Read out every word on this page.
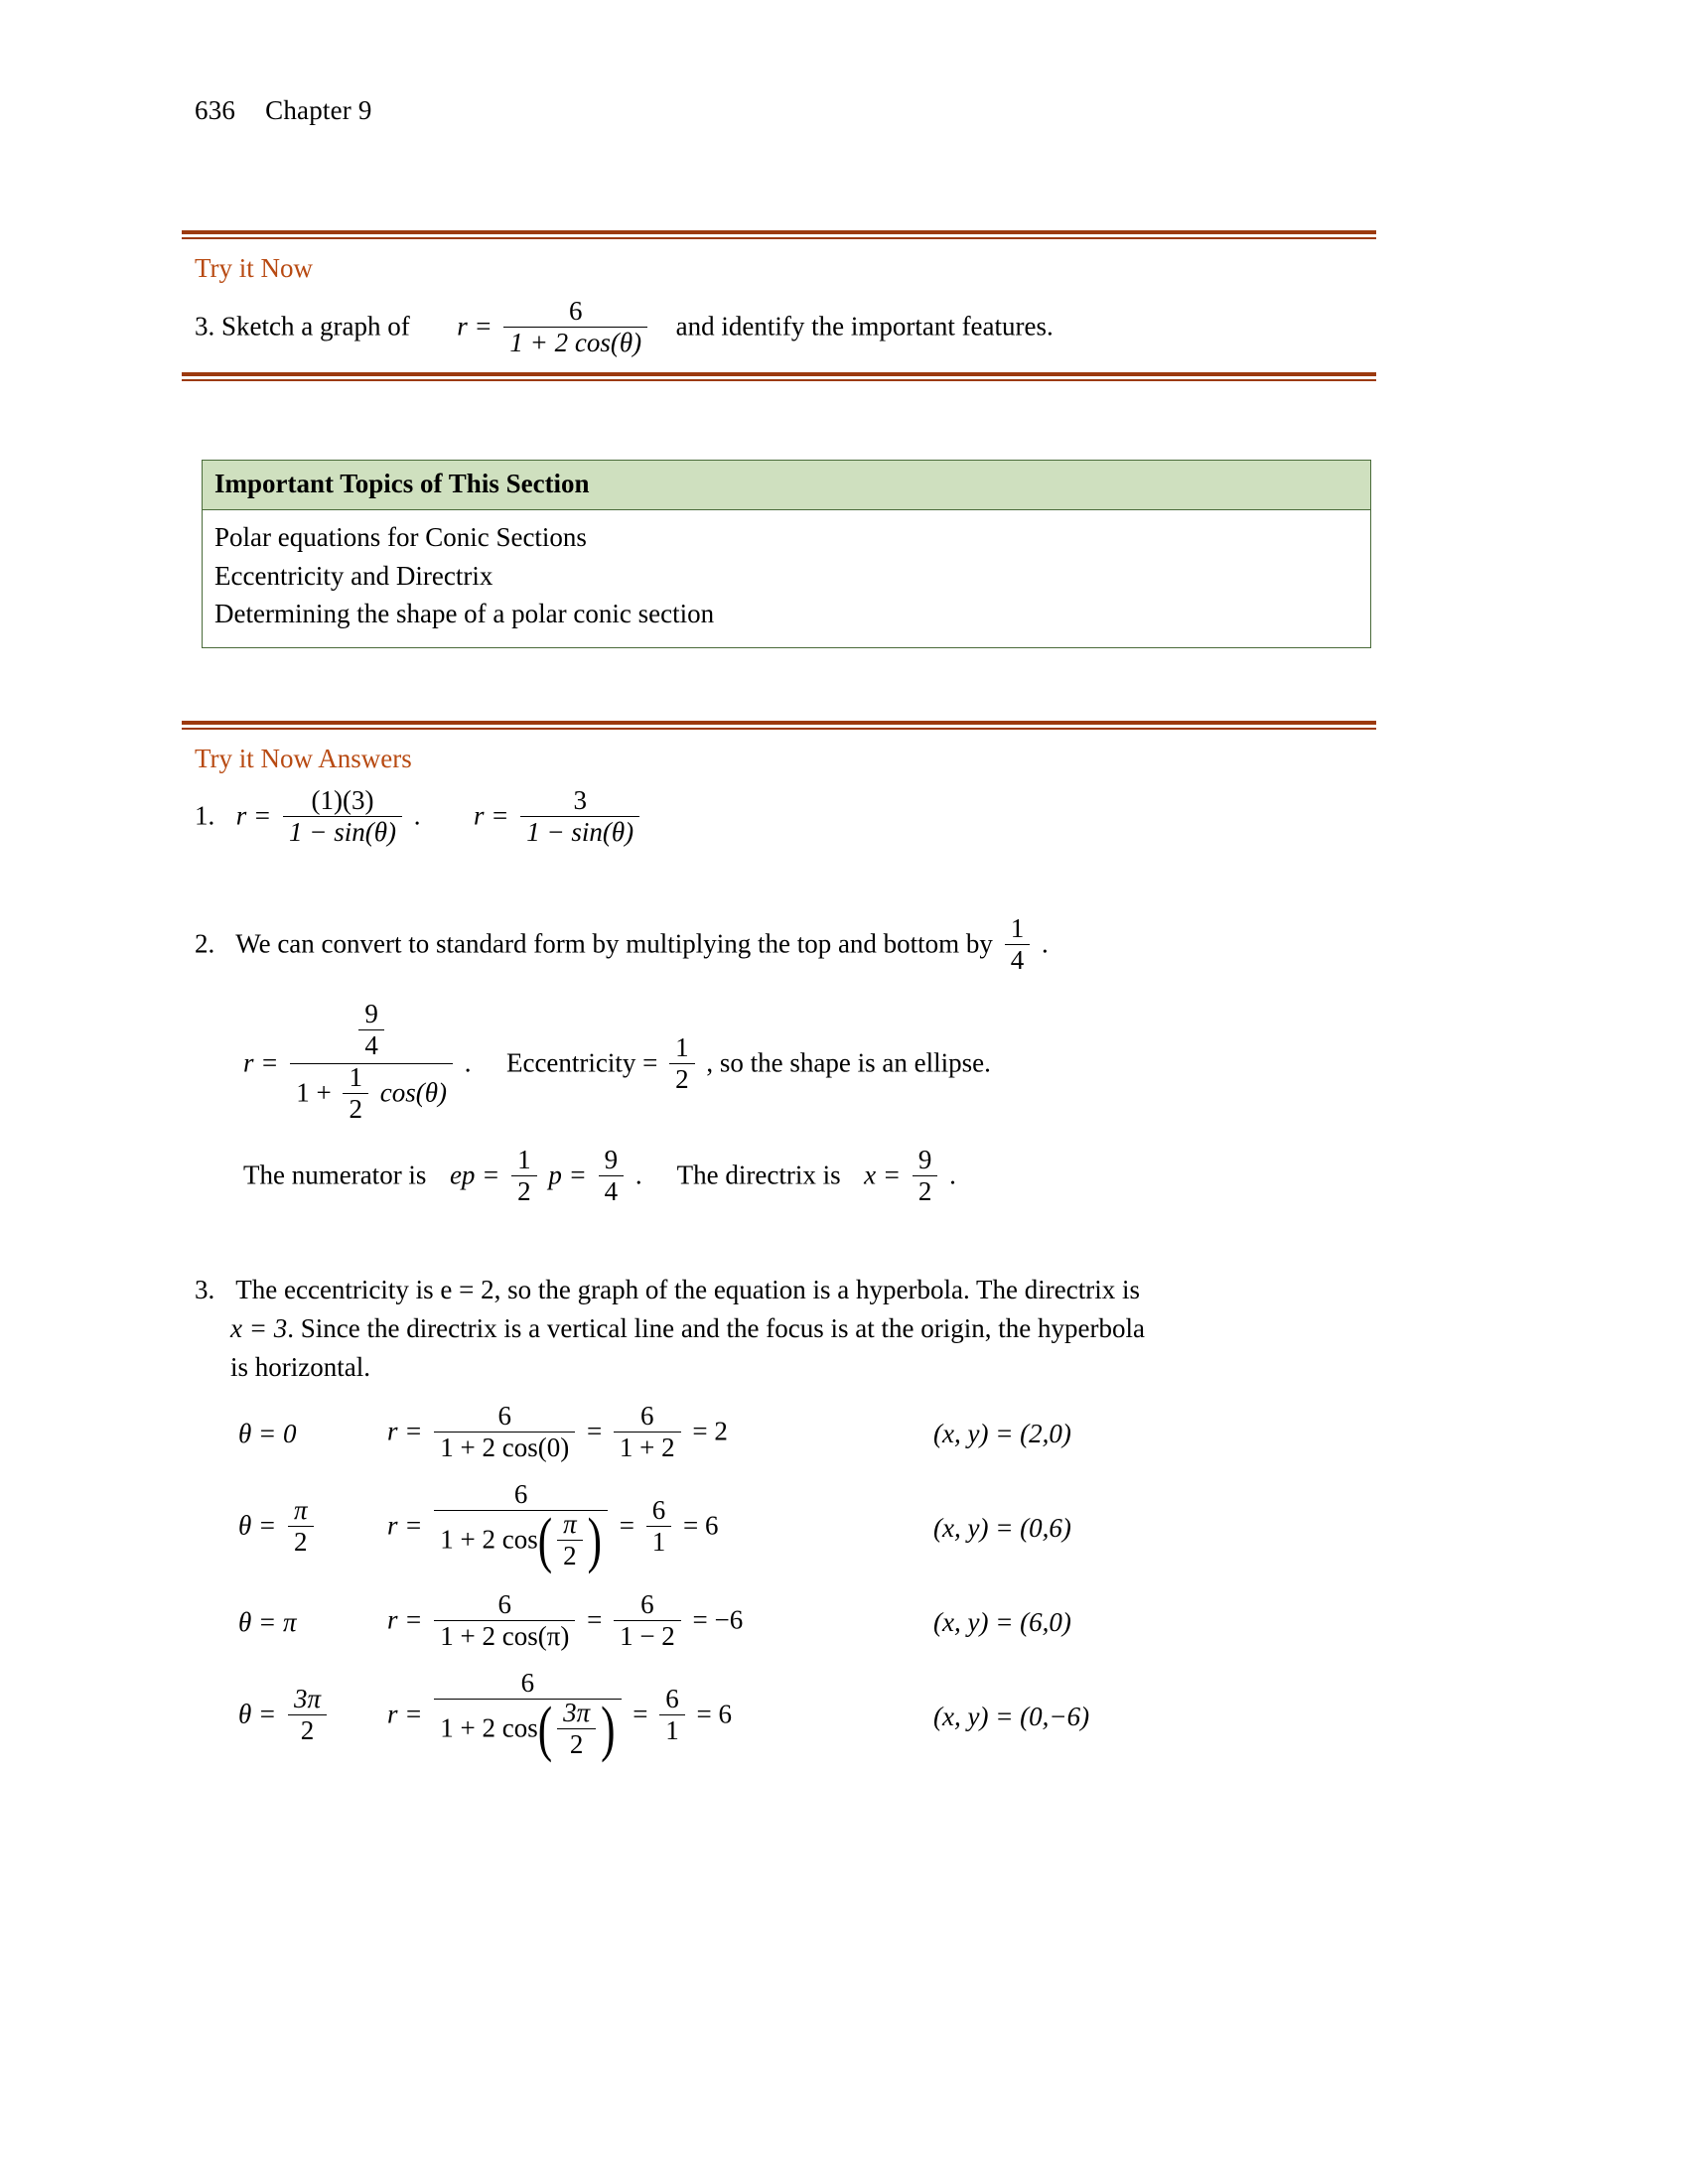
636 Chapter 9
Try it Now
3. Sketch a graph of $r = \frac{6}{1 + 2 \cos(\theta)}$ and identify the important features.
Important Topics of This Section
Polar equations for Conic Sections
Eccentricity and Directrix
Determining the shape of a polar conic section
Try it Now Answers
1. $r = \frac{(1)(3)}{1 - \sin(\theta)}$ . $r = \frac{3}{1 - \sin(\theta)}$
2. We can convert to standard form by multiplying the top and bottom by $\frac{1}{4}$ .
$r = \frac{\frac{9}{4}}{1 + \frac{1}{2} \cos(\theta)}$ . Eccentricity = $\frac{1}{2}$ , so the shape is an ellipse.
The numerator is ep = $\frac{1}{2}$ $p = \frac{9}{4}$ . The directrix is $x = \frac{9}{2}$ .
3. The eccentricity is e = 2, so the graph of the equation is a hyperbola. The directrix is
x = 3. Since the directrix is a vertical line and the focus is at the origin, the hyperbola
is horizontal.
θ = 0	$r = \frac{6}{1 + 2 \cos(0)} = \frac{6}{1 + 2} = 2$	(x, y) = (2,0)
$\theta = \frac{\pi}{2}$	$r = \frac{6}{1 + 2 \cos( \frac{\pi}{2} )} = \frac{6}{1} = 6$	(x, y) = (0,6)
θ = π	$r = \frac{6}{1 + 2 \cos(\pi)} = \frac{6}{1 - 2} = -6$	(x, y) = (6,0)
$\theta = \frac{3\pi}{2}$	$r = \frac{6}{1 + 2 \cos( \frac{3\pi}{2} )} = \frac{6}{1} = 6$	(x, y) = (0,−6)
